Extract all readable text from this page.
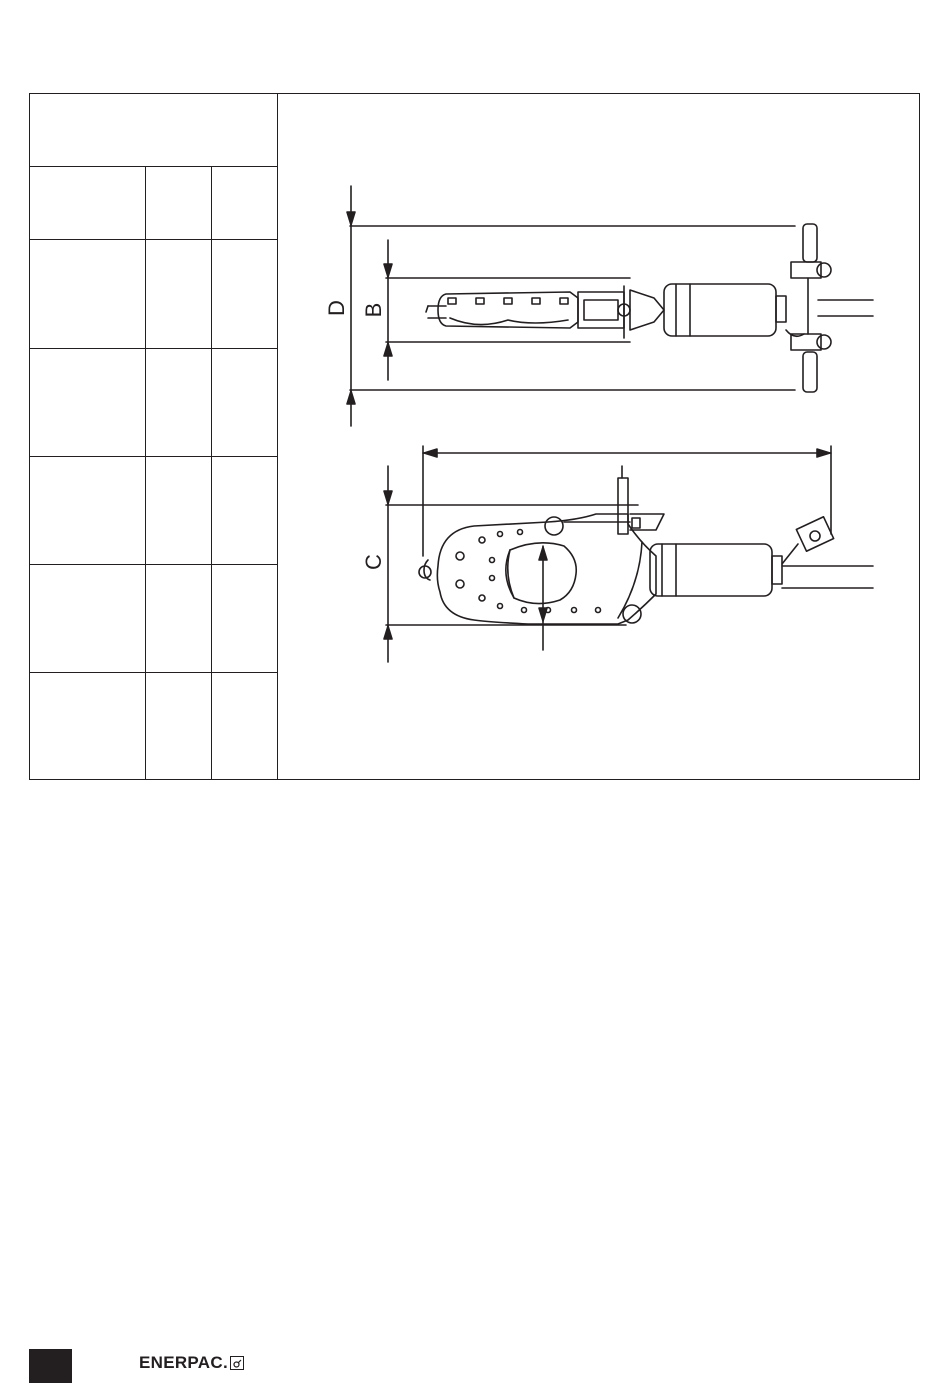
D B
C
ENERPAC.
